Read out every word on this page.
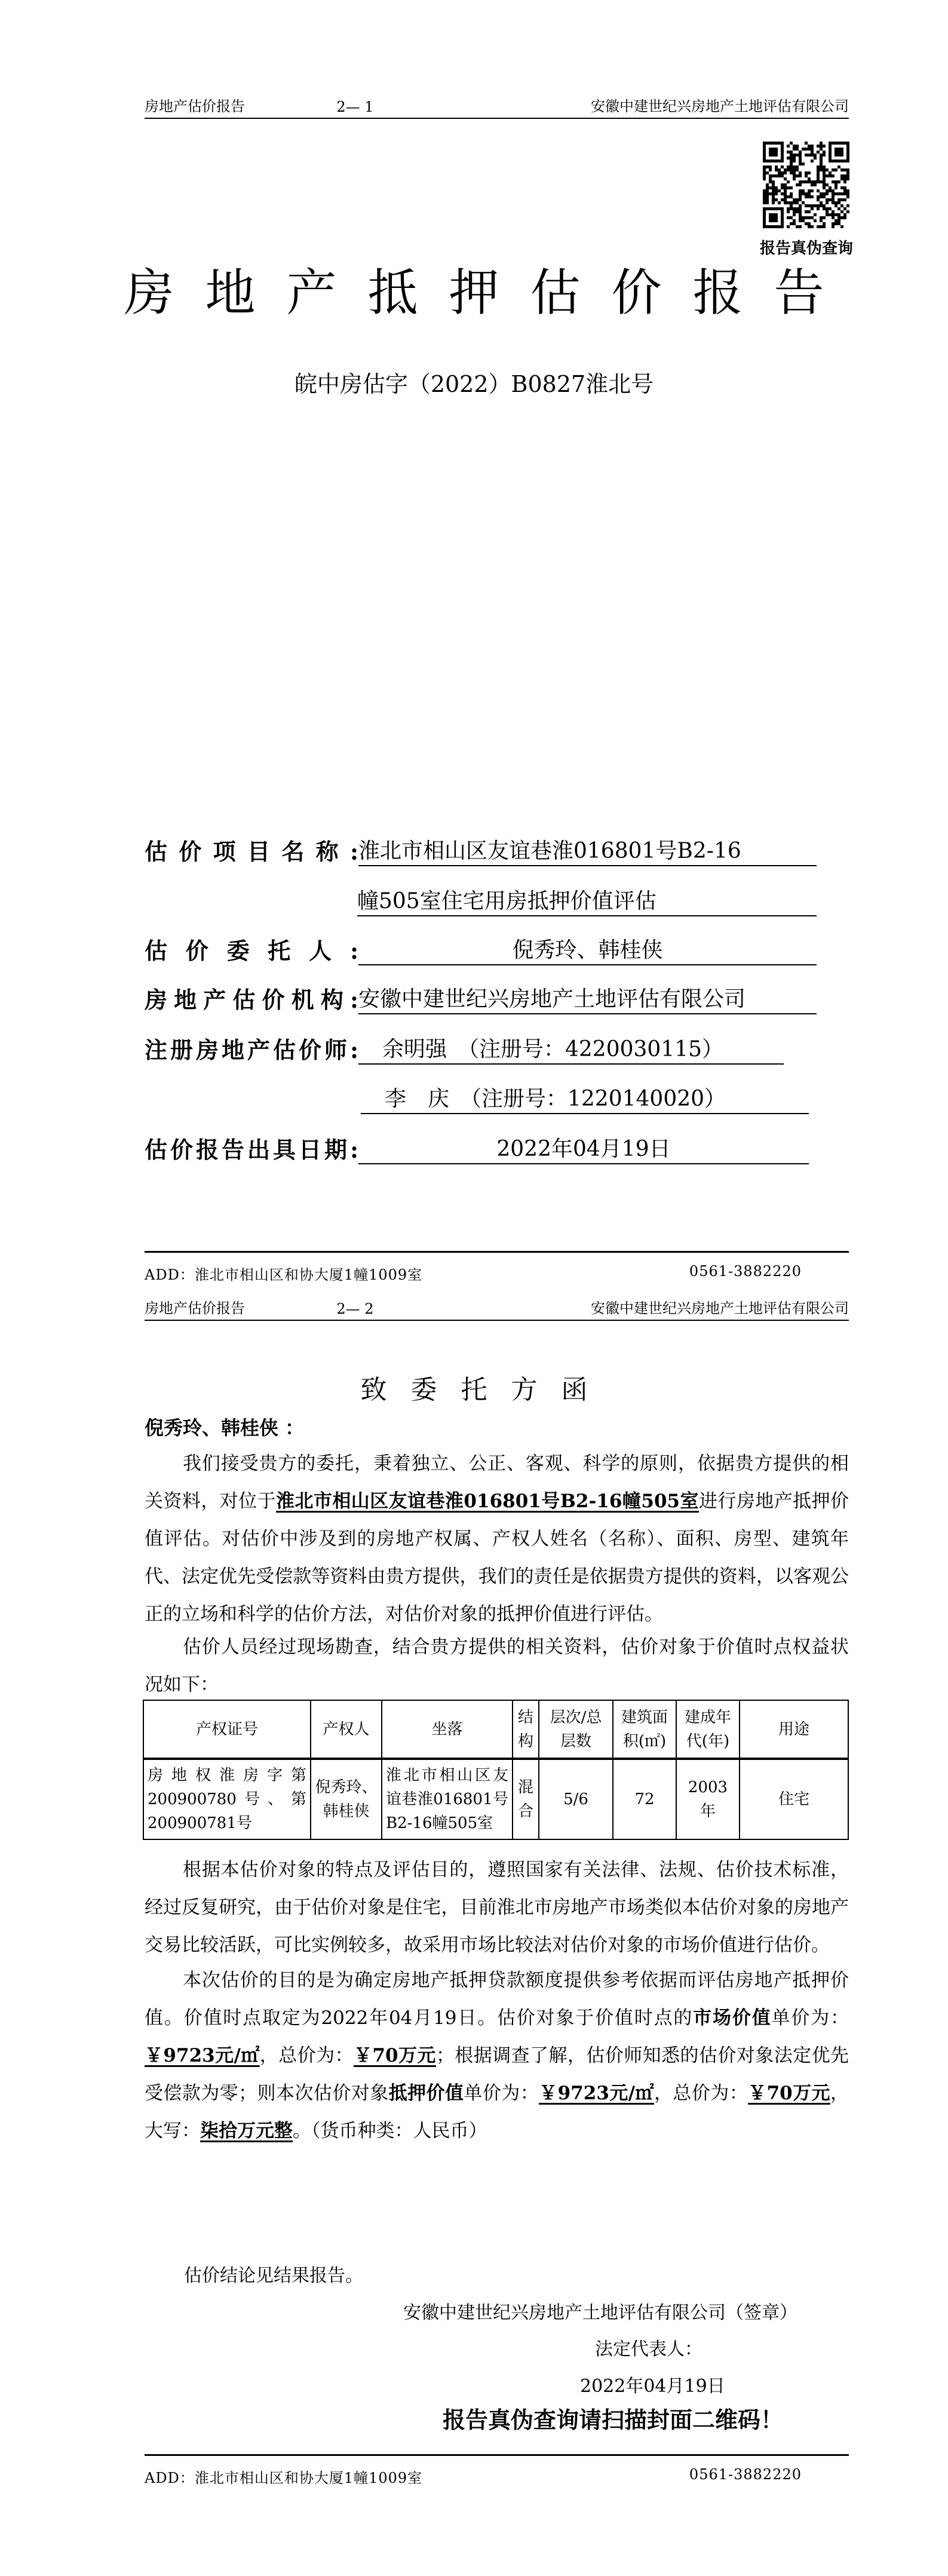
房地产估价报告	2— 1	安徽中建世纪兴房地产土地评估有限公司
报告真伪查询
房地产抵押估价报告
皖中房估字（2022）B0827淮北号
估价项目名称: 淮北市相山区友谊巷淮016801号B2-16
幢505室住宅用房抵押价值评估
估价委托人:	倪秀玲、韩桂侠
房地产估价机构: 安徽中建世纪兴房地产土地评估有限公司
注册房地产估价师:	余明强　（注册号：4220030115）
李　庆　（注册号：1220140020）
估价报告出具日期:	2022年04月19日
ADD：淮北市相山区和协大厦1幢1009室	0561-3882220
房地产估价报告	2— 2	安徽中建世纪兴房地产土地评估有限公司
致委托方函
倪秀玲、韩桂侠 ：
我们接受贵方的委托，秉着独立、公正、客观、科学的原则，依据贵方提供的相关资料，对位于淮北市相山区友谊巷淮016801号B2-16幢505室进行房地产抵押价值评估。对估价中涉及到的房地产权属、产权人姓名（名称）、面积、房型、建筑年代、法定优先受偿款等资料由贵方提供，我们的责任是依据贵方提供的资料，以客观公正的立场和科学的估价方法，对估价对象的抵押价值进行评估。
估价人员经过现场勘查，结合贵方提供的相关资料，估价对象于价值时点权益状况如下：
产权证号	产权人	坐落	结构	层次/总层数	建筑面积(㎡)	建成年代(年)	用途
房地权淮房字第200900780号、第200900781号	倪秀玲、韩桂侠	淮北市相山区友谊巷淮016801号B2-16幢505室	混合	5/6	72	2003年	住宅
根据本估价对象的特点及评估目的，遵照国家有关法律、法规、估价技术标准，经过反复研究，由于估价对象是住宅，目前淮北市房地产市场类似本估价对象的房地产交易比较活跃，可比实例较多，故采用市场比较法对估价对象的市场价值进行估价。
本次估价的目的是为确定房地产抵押贷款额度提供参考依据而评估房地产抵押价值。价值时点取定为2022年04月19日。估价对象于价值时点的市场价值单价为：￥9723元/㎡，总价为：￥70万元；根据调查了解，估价师知悉的估价对象法定优先受偿款为零；则本次估价对象抵押价值单价为：￥9723元/㎡，总价为：￥70万元，大写：柒拾万元整。（货币种类：人民币）
估价结论见结果报告。
安徽中建世纪兴房地产土地评估有限公司（签章）
法定代表人：
2022年04月19日
报告真伪查询请扫描封面二维码！
ADD：淮北市相山区和协大厦1幢1009室	0561-3882220
